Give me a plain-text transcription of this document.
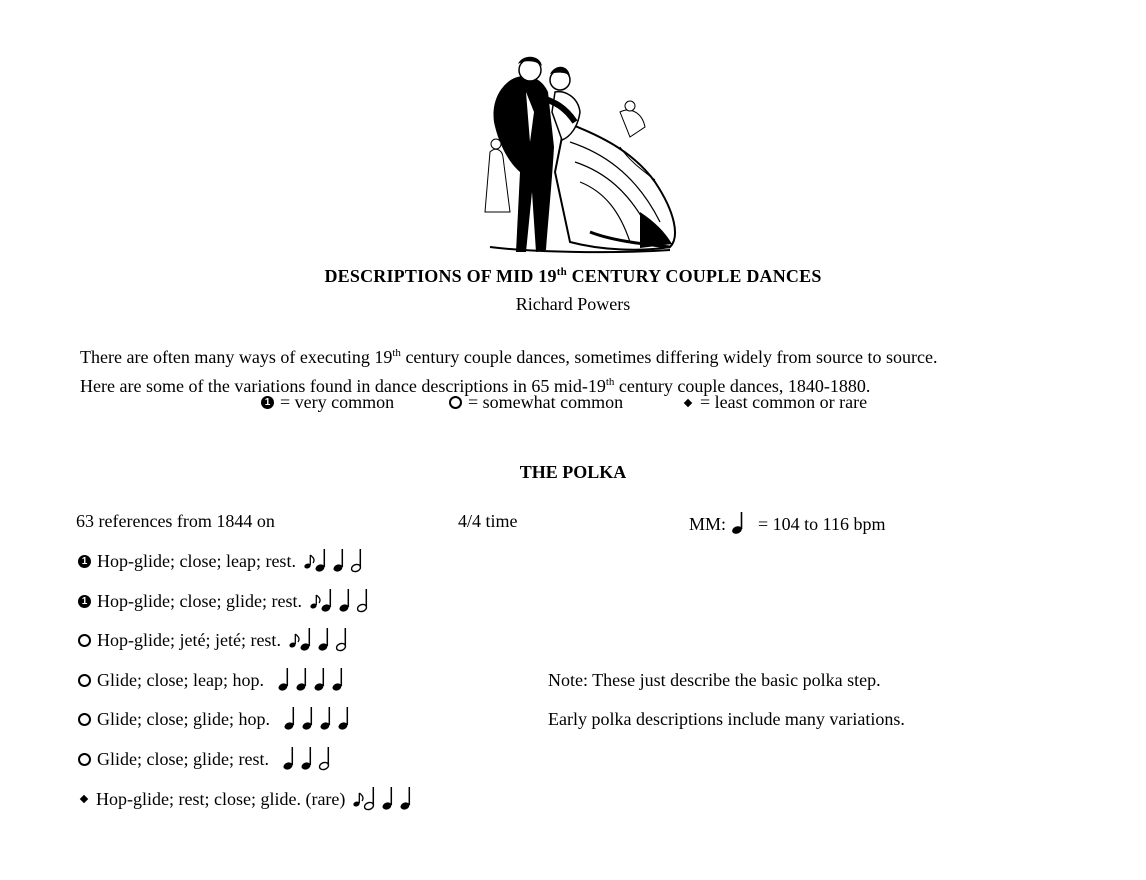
DESCRIPTIONS OF MID 19th CENTURY COUPLE DANCES
Richard Powers
There are often many ways of executing 19th century couple dances, sometimes differing widely from source to source.
Here are some of the variations found in dance descriptions in 65 mid-19th century couple dances, 1840-1880.
1 = very common	= somewhat common	= least common or rare
THE POLKA
63 references from 1844 on	4/4 time	MM: = 104 to 116 bpm
1 Hop-glide; close; leap; rest.
1 Hop-glide; close; glide; rest.
Hop-glide; jeté; jeté; rest.
Glide; close; leap; hop.
Glide; close; glide; hop.
Glide; close; glide; rest.
Hop-glide; rest; close; glide. (rare)
Note: These just describe the basic polka step.
Early polka descriptions include many variations.
